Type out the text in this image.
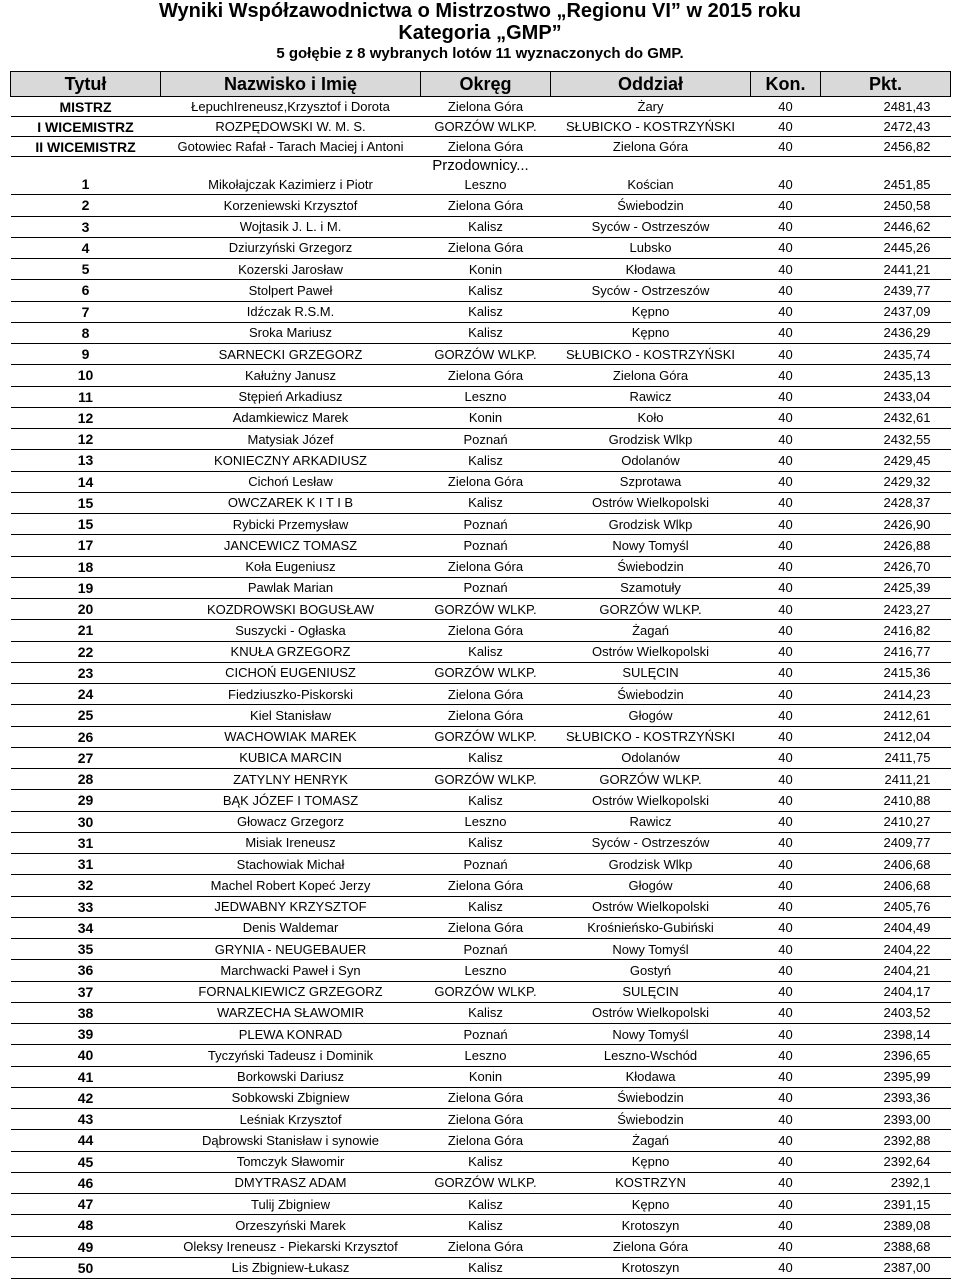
Wyniki Współzawodnictwa o Mistrzostwo „Regionu VI” w 2015 roku
Kategoria „GMP”
5 gołębie z 8 wybranych lotów 11 wyznaczonych do GMP.
Tytuł	Nazwisko i Imię	Okręg	Oddział	Kon.	Pkt.
MISTRZ	ŁepuchIreneusz,Krzysztof i Dorota	Zielona Góra	Żary	40	2481,43
I WICEMISTRZ	ROZPĘDOWSKI W. M. S.	GORZÓW WLKP.	SŁUBICKO - KOSTRZYŃSKI	40	2472,43
II WICEMISTRZ	Gotowiec Rafał - Tarach Maciej i Antoni	Zielona Góra	Zielona Góra	40	2456,82
Przodownicy...					
1	Mikołajczak Kazimierz i Piotr	Leszno	Kościan	40	2451,85
2	Korzeniewski Krzysztof	Zielona Góra	Świebodzin	40	2450,58
3	Wojtasik J. L. i M.	Kalisz	Syców - Ostrzeszów	40	2446,62
4	Dziurzyński Grzegorz	Zielona Góra	Lubsko	40	2445,26
5	Kozerski Jarosław	Konin	Kłodawa	40	2441,21
6	Stolpert Paweł	Kalisz	Syców - Ostrzeszów	40	2439,77
7	Idźczak R.S.M.	Kalisz	Kępno	40	2437,09
8	Sroka Mariusz	Kalisz	Kępno	40	2436,29
9	SARNECKI GRZEGORZ	GORZÓW WLKP.	SŁUBICKO - KOSTRZYŃSKI	40	2435,74
10	Kałużny Janusz	Zielona Góra	Zielona Góra	40	2435,13
11	Stępień Arkadiusz	Leszno	Rawicz	40	2433,04
12	Adamkiewicz Marek	Konin	Koło	40	2432,61
12	Matysiak Józef	Poznań	Grodzisk Wlkp	40	2432,55
13	KONIECZNY ARKADIUSZ	Kalisz	Odolanów	40	2429,45
14	Cichoń Lesław	Zielona Góra	Szprotawa	40	2429,32
15	OWCZAREK K I T I B	Kalisz	Ostrów Wielkopolski	40	2428,37
15	Rybicki Przemysław	Poznań	Grodzisk Wlkp	40	2426,90
17	JANCEWICZ TOMASZ	Poznań	Nowy Tomyśl	40	2426,88
18	Koła Eugeniusz	Zielona Góra	Świebodzin	40	2426,70
19	Pawlak Marian	Poznań	Szamotuły	40	2425,39
20	KOZDROWSKI BOGUSŁAW	GORZÓW WLKP.	GORZÓW WLKP.	40	2423,27
21	Suszycki - Ogłaska	Zielona Góra	Żagań	40	2416,82
22	KNUŁA GRZEGORZ	Kalisz	Ostrów Wielkopolski	40	2416,77
23	CICHOŃ EUGENIUSZ	GORZÓW WLKP.	SULĘCIN	40	2415,36
24	Fiedziuszko-Piskorski	Zielona Góra	Świebodzin	40	2414,23
25	Kiel Stanisław	Zielona Góra	Głogów	40	2412,61
26	WACHOWIAK MAREK	GORZÓW WLKP.	SŁUBICKO - KOSTRZYŃSKI	40	2412,04
27	KUBICA MARCIN	Kalisz	Odolanów	40	2411,75
28	ZATYLNY HENRYK	GORZÓW WLKP.	GORZÓW WLKP.	40	2411,21
29	BĄK JÓZEF I TOMASZ	Kalisz	Ostrów Wielkopolski	40	2410,88
30	Głowacz Grzegorz	Leszno	Rawicz	40	2410,27
31	Misiak Ireneusz	Kalisz	Syców - Ostrzeszów	40	2409,77
31	Stachowiak Michał	Poznań	Grodzisk Wlkp	40	2406,68
32	Machel Robert Kopeć Jerzy	Zielona Góra	Głogów	40	2406,68
33	JEDWABNY KRZYSZTOF	Kalisz	Ostrów Wielkopolski	40	2405,76
34	Denis Waldemar	Zielona Góra	Krośnieńsko-Gubiński	40	2404,49
35	GRYNIA - NEUGEBAUER	Poznań	Nowy Tomyśl	40	2404,22
36	Marchwacki Paweł i Syn	Leszno	Gostyń	40	2404,21
37	FORNALKIEWICZ GRZEGORZ	GORZÓW WLKP.	SULĘCIN	40	2404,17
38	WARZECHA SŁAWOMIR	Kalisz	Ostrów Wielkopolski	40	2403,52
39	PLEWA KONRAD	Poznań	Nowy Tomyśl	40	2398,14
40	Tyczyński Tadeusz i Dominik	Leszno	Leszno-Wschód	40	2396,65
41	Borkowski Dariusz	Konin	Kłodawa	40	2395,99
42	Sobkowski Zbigniew	Zielona Góra	Świebodzin	40	2393,36
43	Leśniak Krzysztof	Zielona Góra	Świebodzin	40	2393,00
44	Dąbrowski Stanisław i synowie	Zielona Góra	Żagań	40	2392,88
45	Tomczyk Sławomir	Kalisz	Kępno	40	2392,64
46	DMYTRASZ ADAM	GORZÓW WLKP.	KOSTRZYN	40	2392,1
47	Tulij Zbigniew	Kalisz	Kępno	40	2391,15
48	Orzeszyński Marek	Kalisz	Krotoszyn	40	2389,08
49	Oleksy Ireneusz - Piekarski Krzysztof	Zielona Góra	Zielona Góra	40	2388,68
50	Lis Zbigniew-Łukasz	Kalisz	Krotoszyn	40	2387,00
